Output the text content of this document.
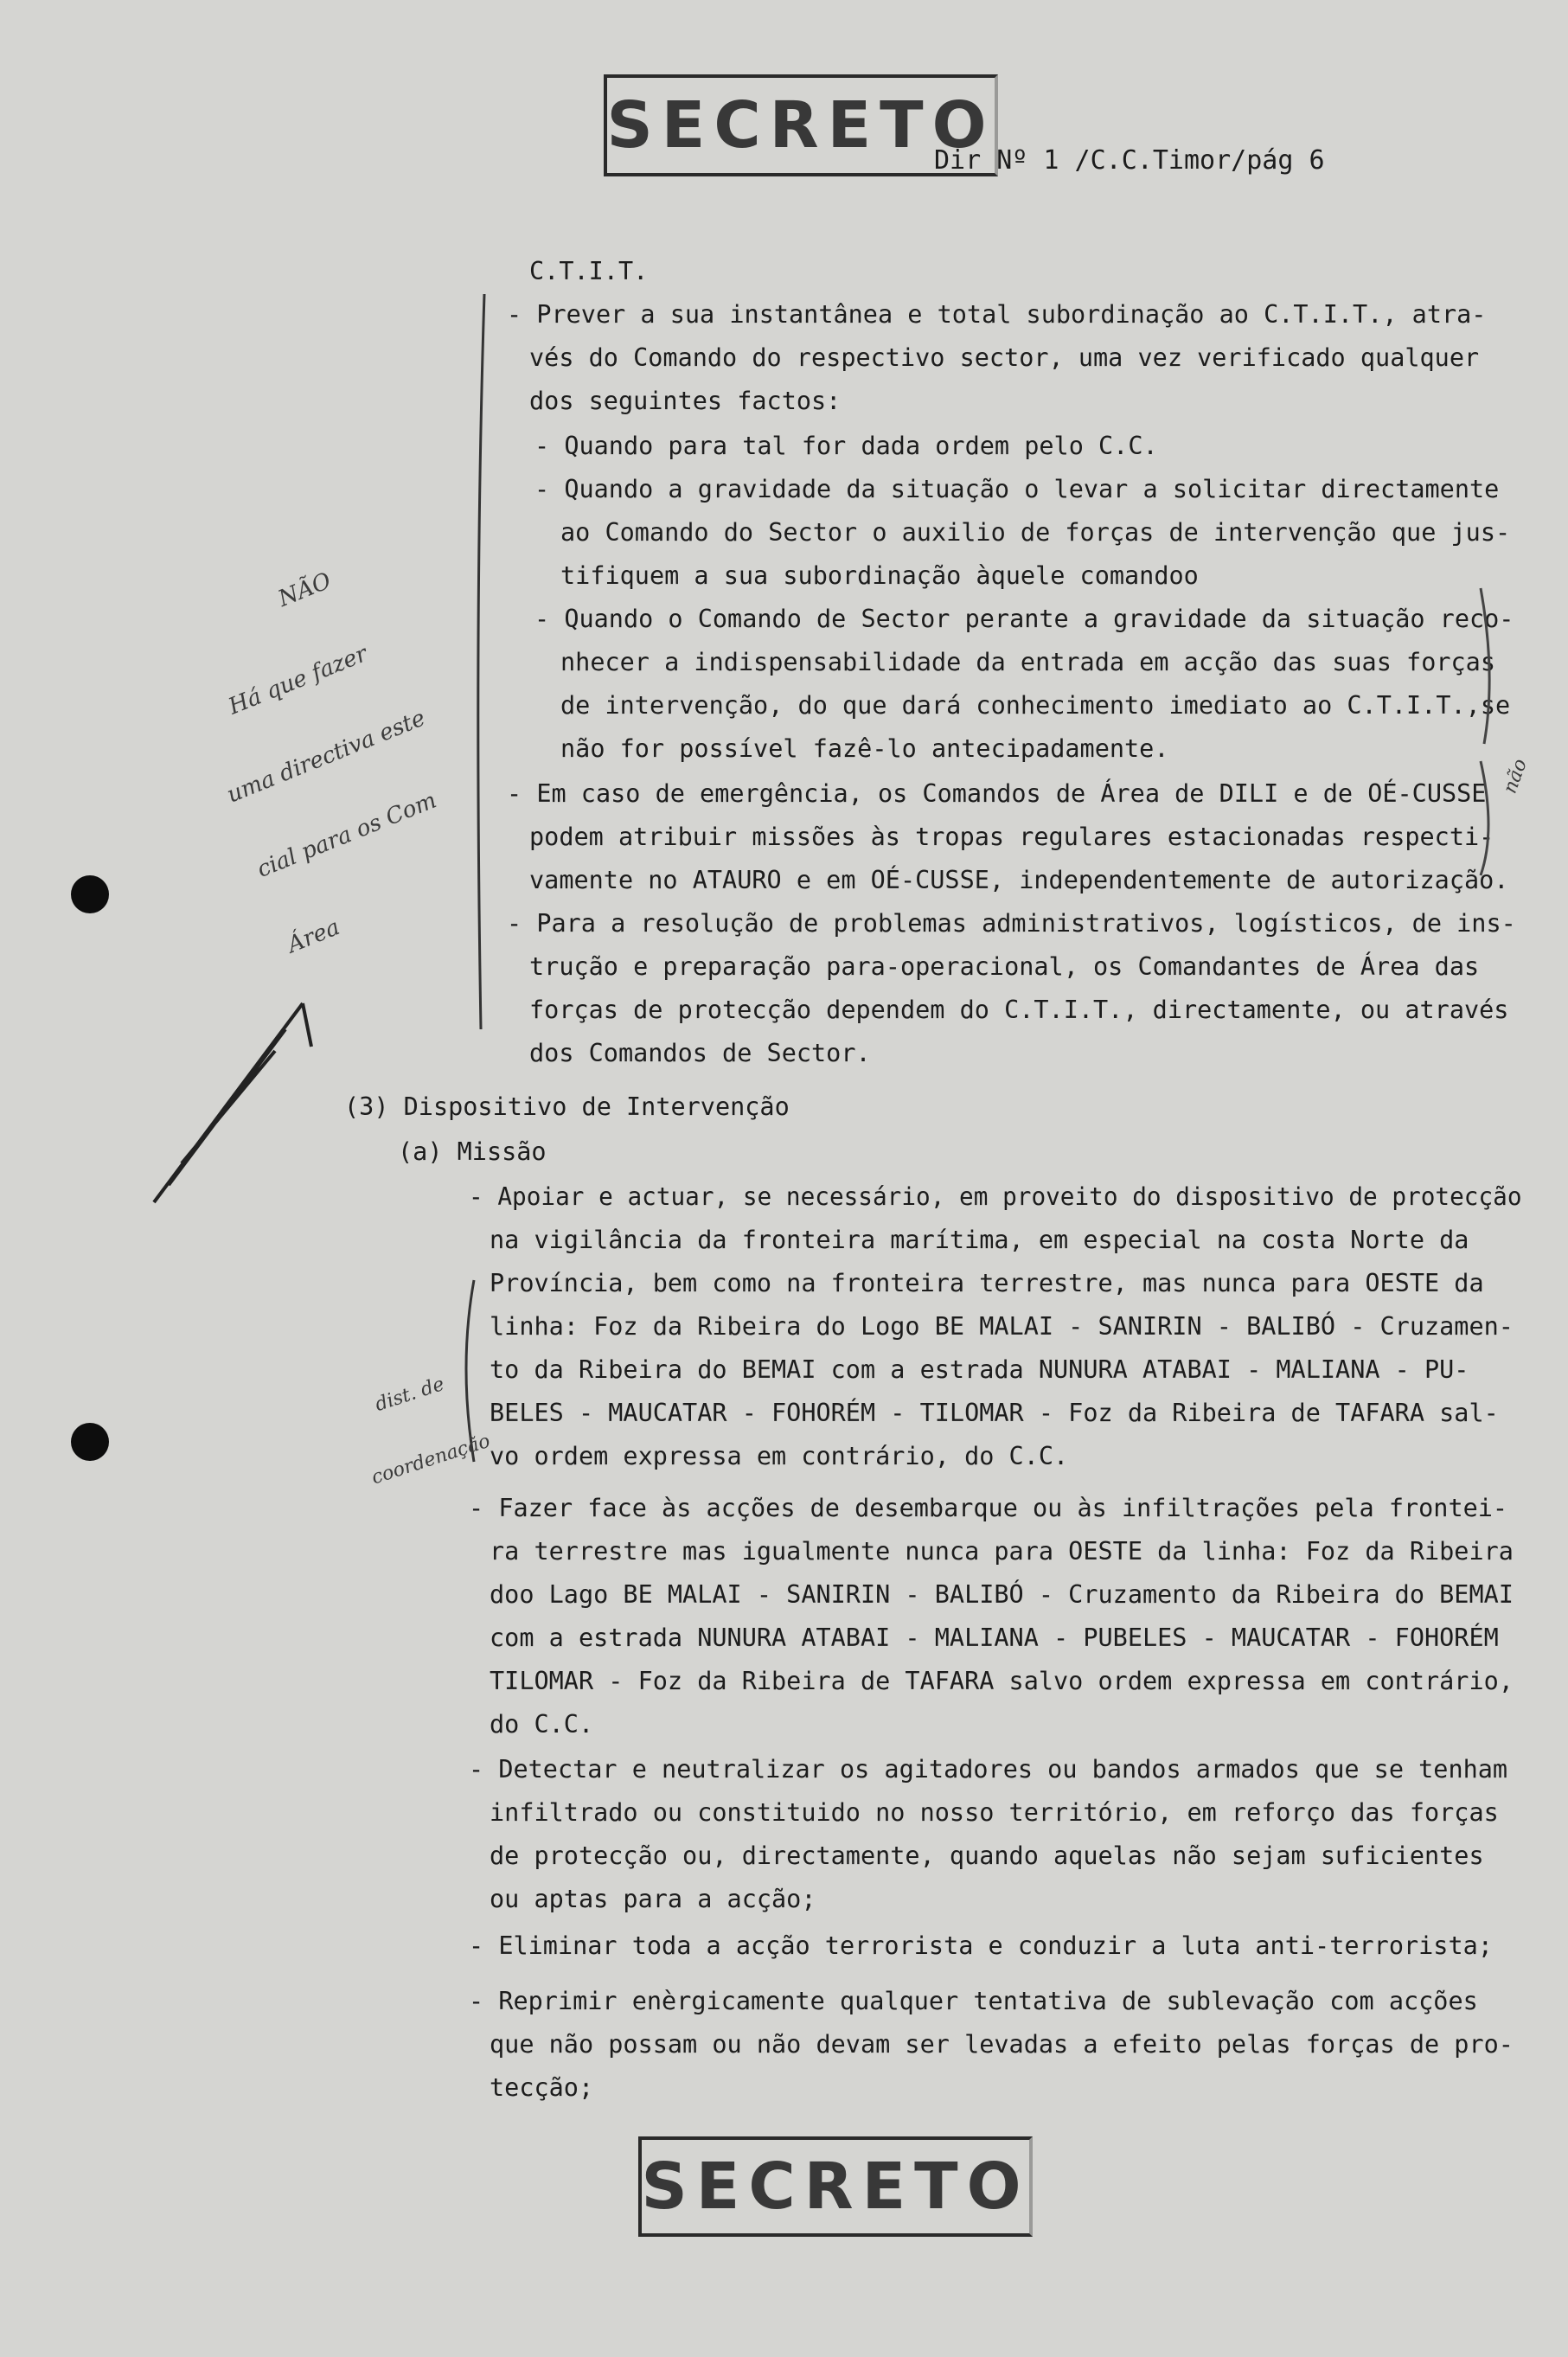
SECRETO
Dir Nº 1 /C.C.Timor/pág 6
C.T.I.T.
- Prever a sua instantânea e total subordinação ao C.T.I.T., atra-
vés do Comando do respectivo sector, uma vez verificado qualquer
dos seguintes factos:
- Quando para tal for dada ordem pelo C.C.
- Quando a gravidade da situação o levar a solicitar directamente
ao Comando do Sector o auxilio de forças de intervenção que jus-
tifiquem a sua subordinação àquele comandoo
- Quando o Comando de Sector perante a gravidade da situação reco-
nhecer a indispensabilidade da entrada em acção das suas forças
de intervenção, do que dará conhecimento imediato ao C.T.I.T.,se
não for possível fazê-lo antecipadamente.
- Em caso de emergência, os Comandos de Área de DILI e de OÉ-CUSSE
podem atribuir missões às tropas regulares estacionadas respecti-
vamente no ATAURO e em OÉ-CUSSE, independentemente de autorização.
- Para a resolução de problemas administrativos, logísticos, de ins-
trução e preparação para-operacional, os Comandantes de Área das
forças de protecção dependem do C.T.I.T., directamente, ou através
dos Comandos de Sector.
(3) Dispositivo de Intervenção
(a) Missão
- Apoiar e actuar, se necessário, em proveito do dispositivo de protecção
na vigilância da fronteira marítima, em especial na costa Norte da
Província, bem como na fronteira terrestre, mas nunca para OESTE da
linha: Foz da Ribeira do Logo BE MALAI - SANIRIN - BALIBÓ - Cruzamen-
to da Ribeira do BEMAI com a estrada NUNURA ATABAI - MALIANA - PU-
BELES - MAUCATAR - FOHORÉM - TILOMAR - Foz da Ribeira de TAFARA sal-
vo ordem expressa em contrário, do C.C.
- Fazer face às acções de desembarque ou às infiltrações pela frontei-
ra terrestre mas igualmente nunca para OESTE da linha: Foz da Ribeira
doo Lago BE MALAI - SANIRIN - BALIBÓ - Cruzamento da Ribeira do BEMAI
com a estrada NUNURA ATABAI - MALIANA - PUBELES - MAUCATAR - FOHORÉM
TILOMAR - Foz da Ribeira de TAFARA salvo ordem expressa em contrário,
do C.C.
- Detectar e neutralizar os agitadores ou bandos armados que se tenham
infiltrado ou constituido no nosso território, em reforço das forças
de protecção ou, directamente, quando aquelas não sejam suficientes
ou aptas para a acção;
- Eliminar toda a acção terrorista e conduzir a luta anti-terrorista;
- Reprimir enèrgicamente qualquer tentativa de sublevação com acções
que não possam ou não devam ser levadas a efeito pelas forças de pro-
tecção;

NÃO

Há que fazer

uma directiva este

cial para os Com

Área

dist. de

coordenação

não
SECRETO
